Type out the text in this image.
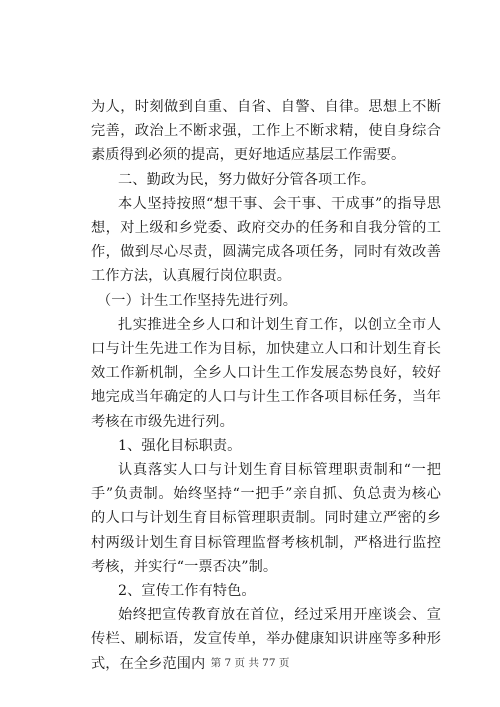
为人，时刻做到自重、自省、自警、自律。思想上不断完善，政治上不断求强，工作上不断求精，使自身综合素质得到必须的提高，更好地适应基层工作需要。

二、勤政为民，努力做好分管各项工作。

本人坚持按照“想干事、会干事、干成事”的指导思想，对上级和乡党委、政府交办的任务和自我分管的工作，做到尽心尽责，圆满完成各项任务，同时有效改善工作方法，认真履行岗位职责。

（一）计生工作坚持先进行列。

扎实推进全乡人口和计划生育工作，以创立全市人口与计生先进工作为目标，加快建立人口和计划生育长效工作新机制，全乡人口计生工作发展态势良好，较好地完成当年确定的人口与计生工作各项目标任务，当年考核在市级先进行列。

1、强化目标职责。

认真落实人口与计划生育目标管理职责制和“一把手”负责制。始终坚持“一把手”亲自抓、负总责为核心的人口与计划生育目标管理职责制。同时建立严密的乡村两级计划生育目标管理监督考核机制，严格进行监控考核，并实行“一票否决”制。

2、宣传工作有特色。

始终把宣传教育放在首位，经过采用开座谈会、宣传栏、刷标语，发宣传单，举办健康知识讲座等多种形式，在全乡范围内 第 7 页 共 77 页
